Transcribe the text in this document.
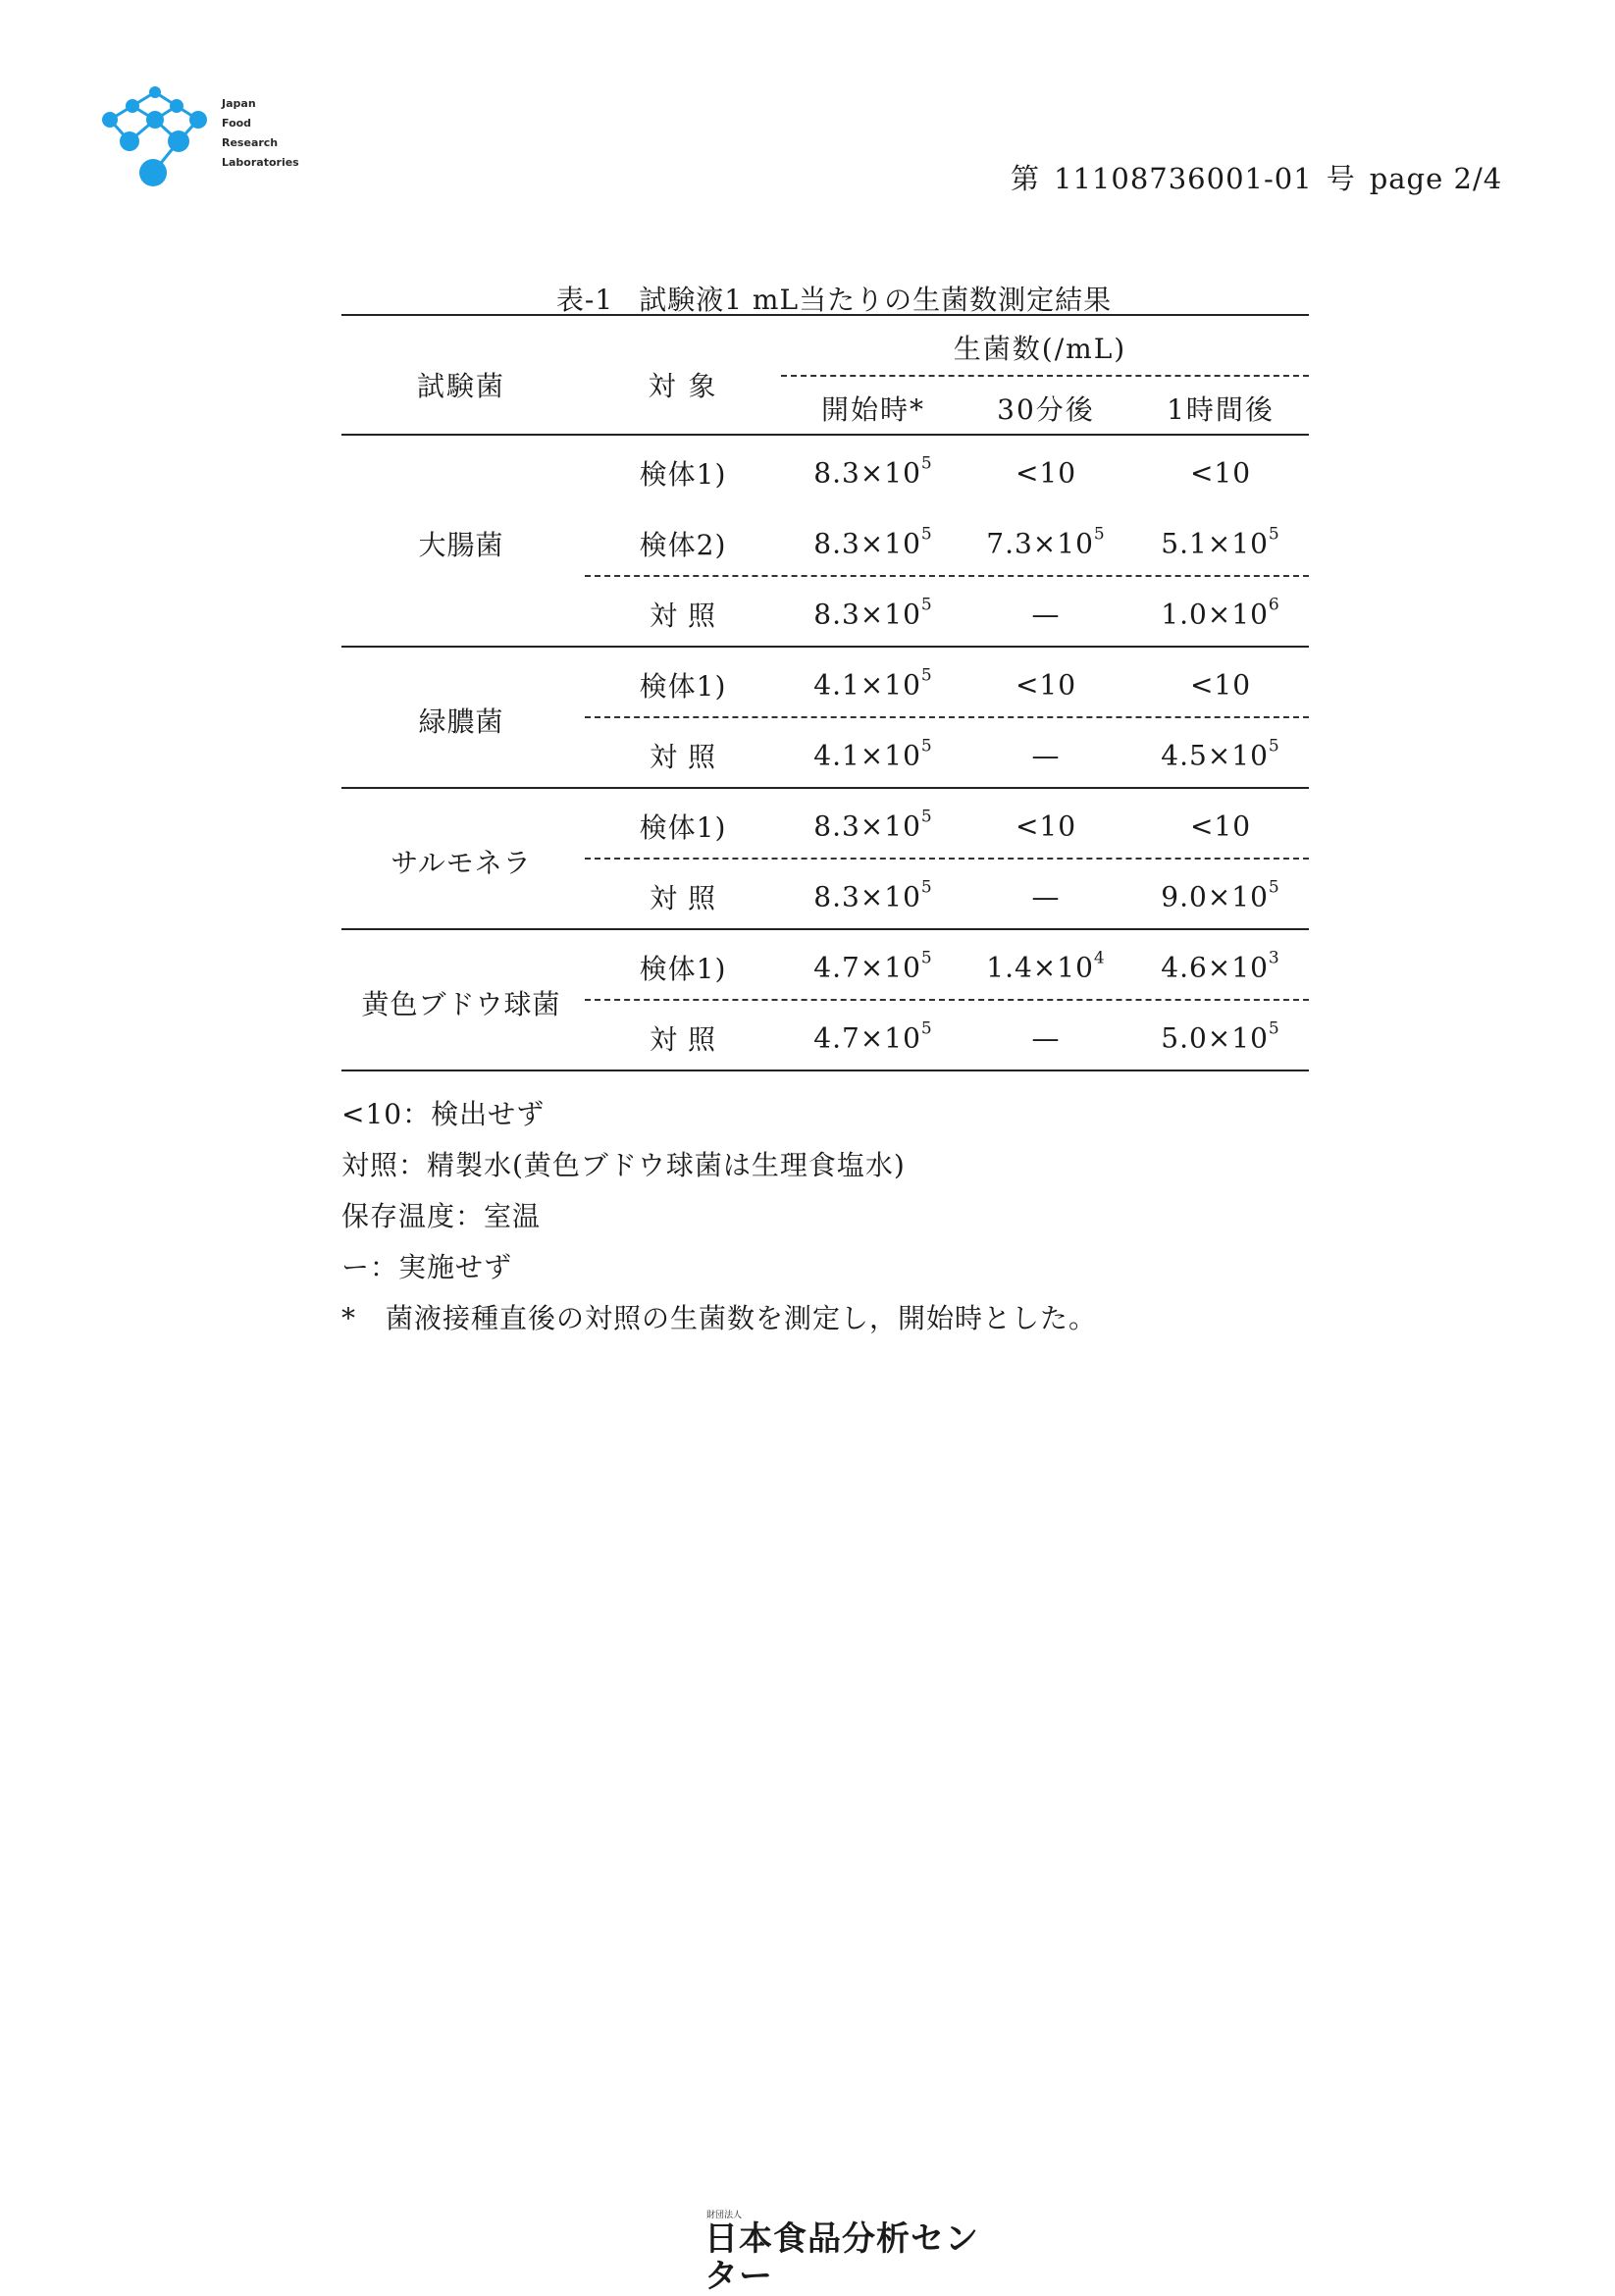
Japan
Food
Research
Laboratories	第 11108736001-01 号 page 2/4
表-1 試験液1 mL当たりの生菌数測定結果
試験菌	対 象
生菌数(/mL)
開始時*	30分後	1時間後
検体1)	$8.3\times 10^5$	<10	<10
検体2)	$8.3\times 10^5$ $7.3\times 10^5$ $5.1\times 10^5$
対 照	$8.3\times 10^5$	—	$1.0\times 10^6$
大腸菌
検体1)	$4.1\times 10^5$	<10	<10
対 照	$4.1\times 10^5$	—	$4.5\times 10^5$
緑膿菌
検体1)	$8.3\times 10^5$	<10	<10
対 照	$8.3\times 10^5$	—	$9.0\times 10^5$
サルモネラ
検体1)	$4.7\times 10^5$ $1.4\times 10^4$ $4.6\times 10^3$
対 照	$4.7\times 10^5$	—	$5.0\times 10^5$
黄色ブドウ球菌
<10：検出せず
対照：精製水(黄色ブドウ球菌は生理食塩水)
保存温度：室温
ー：実施せず
* 菌液接種直後の対照の生菌数を測定し，開始時とした。
財団法人
日本食品分析センター
